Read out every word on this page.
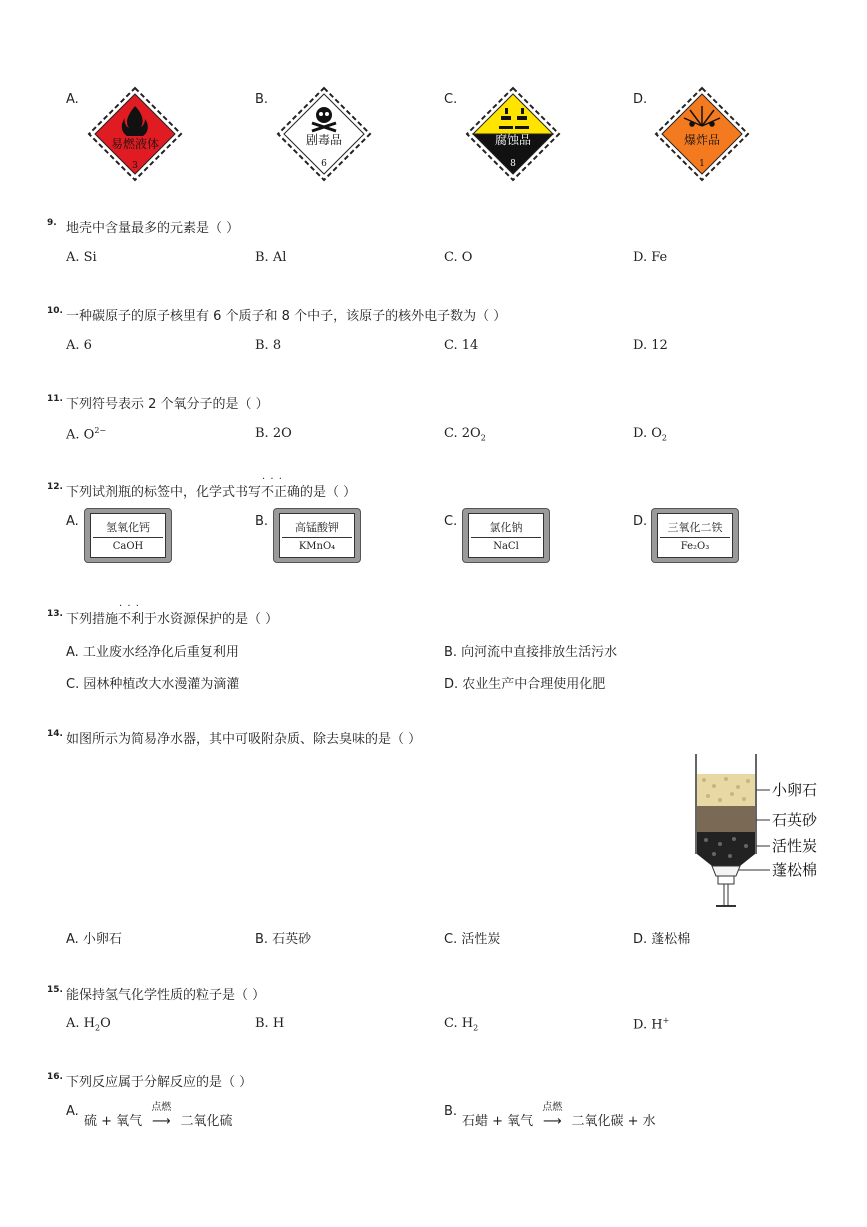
A.
易燃液体
3
B.
剧毒品
6
C.
腐蚀品
8
D.
爆炸品
1
9. 地壳中含量最多的元素是（ ）
A. Si	B. Al	C. O	D. Fe
10. 一种碳原子的原子核里有 6 个质子和 8 个中子，该原子的核外电子数为（ ）
A. 6	B. 8	C. 14	D. 12
11. 下列符号表示 2 个氧分子的是（ ）
A. $O^{2-}$	B. 2O	C. $2O_2$	D. $O_2$
12. 下列试剂瓶的标签中，化学式书写· · · 不正确的是（ ）
A.	氢氧化钙
CaOH
B.	高锰酸钾
KMnO₄
C.	氯化钠
NaCl
D.	三氧化二铁
Fe₂O₃
13. 下列措施· · · 不利于水资源保护的是（ ）
A. 工业废水经净化后重复利用	B. 向河流中直接排放生活污水
C. 园林种植改大水漫灌为滴灌	D. 农业生产中合理使用化肥
14. 如图所示为简易净水器，其中可吸附杂质、除去臭味的是（ ）
小卵石
石英砂
活性炭
蓬松棉
A. 小卵石	B. 石英砂	C. 活性炭	D. 蓬松棉
15. 能保持氢气化学性质的粒子是（ ）
A. $H_2O$	B. H	C. $H_2$	D. H+
16. 下列反应属于分解反应的是（ ）
A.
硫 + 氧气
点燃
⟶ 二氧化硫
B.
石蜡 + 氧气
点燃
⟶ 二氧化碳 + 水
